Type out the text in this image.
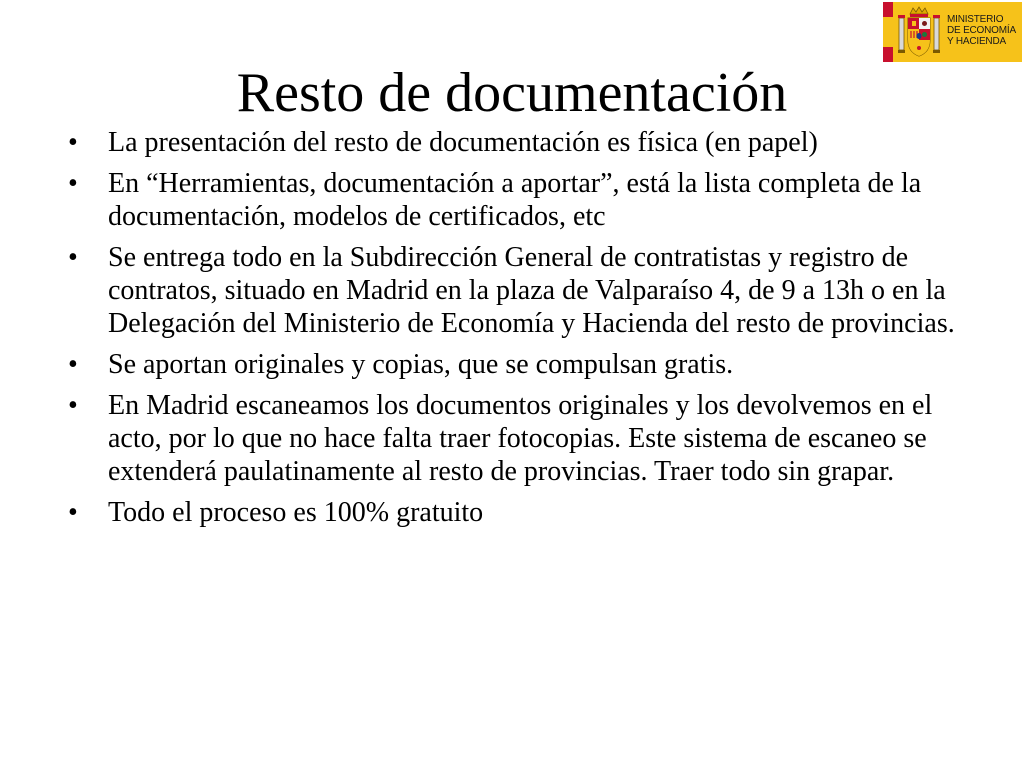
MINISTERIO
DE ECONOMÍA
Y HACIENDA
Resto de documentación
•	La presentación del resto de documentación es física (en papel)
•	En “Herramientas, documentación a aportar”, está la lista completa de la documentación, modelos de certificados, etc
•	Se entrega todo en la Subdirección General de contratistas y registro de contratos, situado en Madrid en la plaza de Valparaíso 4, de 9 a 13h o en la Delegación del Ministerio de Economía y Hacienda del resto de provincias.
•	Se aportan originales y copias, que se compulsan gratis.
•	En Madrid escaneamos los documentos originales y los devolvemos en el acto, por lo que no hace falta traer fotocopias. Este sistema de escaneo se extenderá paulatinamente al resto de provincias. Traer todo sin grapar.
•	Todo el proceso es 100% gratuito
